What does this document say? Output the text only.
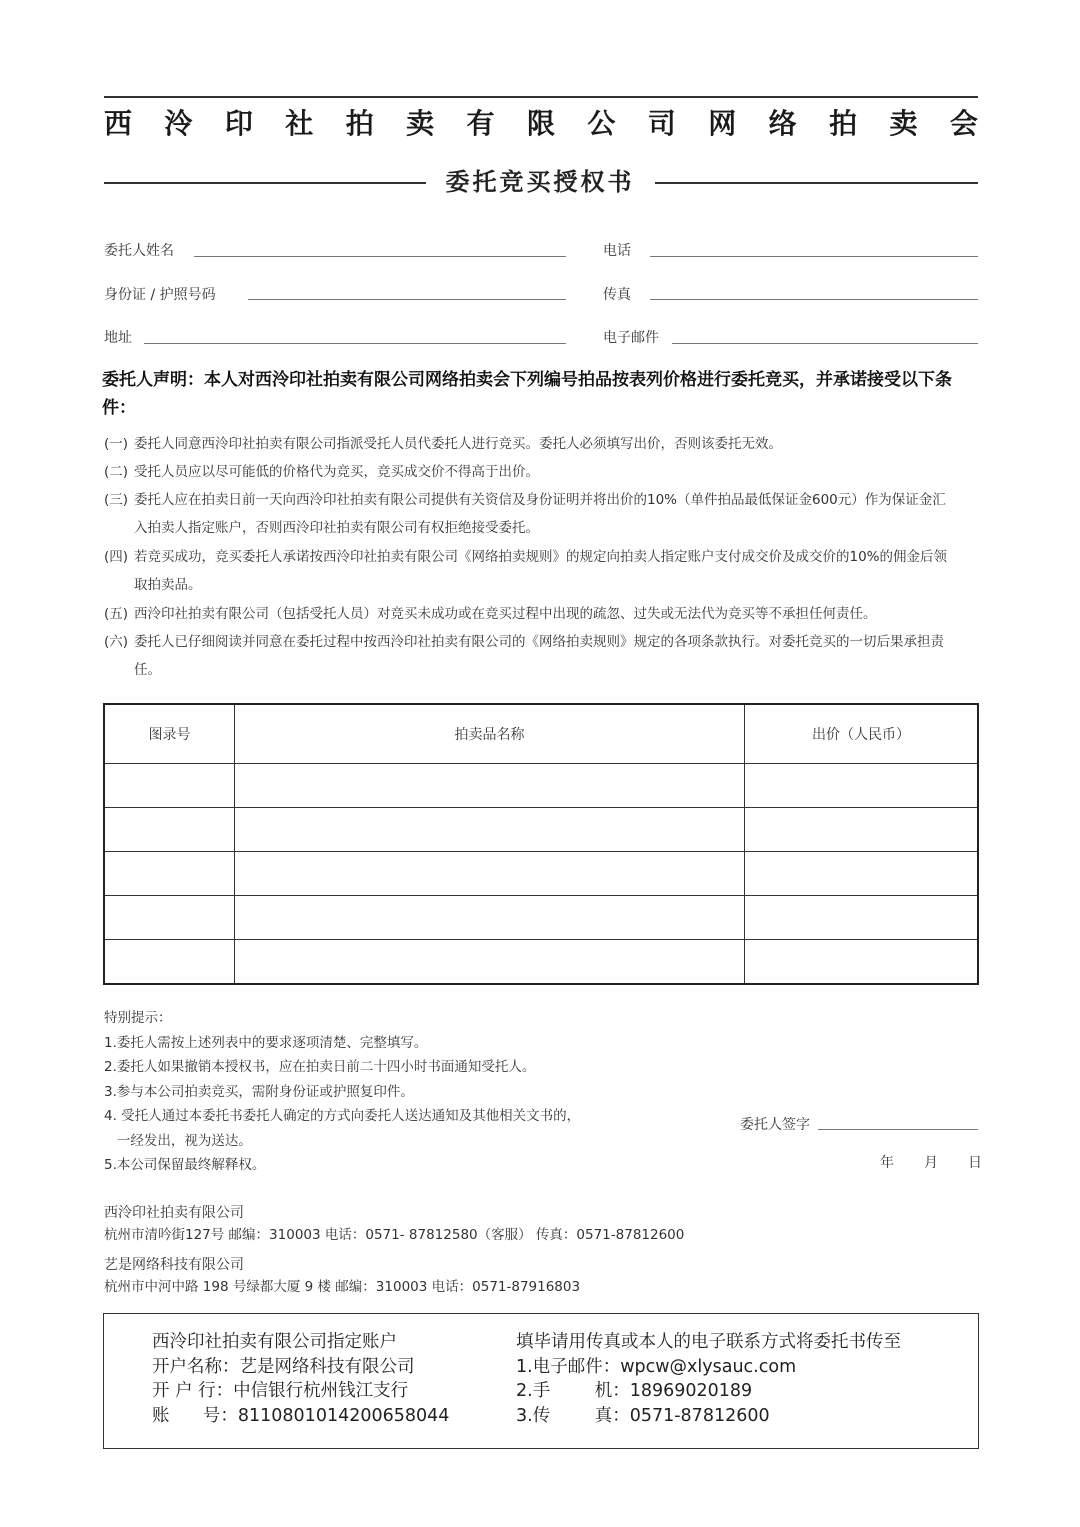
西 泠 印 社 拍 卖 有 限 公 司 网 络 拍 卖 会
委托竞买授权书
委托人姓名	电话
身份证 / 护照号码	传真
地址	电子邮件
委托人声明：本人对西泠印社拍卖有限公司网络拍卖会下列编号拍品按表列价格进行委托竞买，并承诺接受以下条件：
(一) 委托人同意西泠印社拍卖有限公司指派受托人员代委托人进行竞买。委托人必须填写出价，否则该委托无效。
(二) 受托人员应以尽可能低的价格代为竞买，竞买成交价不得高于出价。
(三) 委托人应在拍卖日前一天向西泠印社拍卖有限公司提供有关资信及身份证明并将出价的10%（单件拍品最低保证金600元）作为保证金汇
入拍卖人指定账户，否则西泠印社拍卖有限公司有权拒绝接受委托。
(四) 若竞买成功，竞买委托人承诺按西泠印社拍卖有限公司《网络拍卖规则》的规定向拍卖人指定账户支付成交价及成交价的10%的佣金后领
取拍卖品。
(五) 西泠印社拍卖有限公司（包括受托人员）对竞买未成功或在竞买过程中出现的疏忽、过失或无法代为竞买等不承担任何责任。
(六) 委托人已仔细阅读并同意在委托过程中按西泠印社拍卖有限公司的《网络拍卖规则》规定的各项条款执行。对委托竞买的一切后果承担责
任。
图录号	拍卖品名称	出价（人民币）

特别提示：
1.委托人需按上述列表中的要求逐项清楚、完整填写。
2.委托人如果撤销本授权书，应在拍卖日前二十四小时书面通知受托人。
3.参与本公司拍卖竞买，需附身份证或护照复印件。
4. 受托人通过本委托书委托人确定的方式向委托人送达通知及其他相关文书的，
一经发出，视为送达。
5.本公司保留最终解释权。
委托人签字
年 月 日
西泠印社拍卖有限公司
杭州市清吟街127号 邮编：310003 电话：0571- 87812580（客服） 传真：0571-87812600
艺是网络科技有限公司
杭州市中河中路 198 号绿都大厦 9 楼 邮编：310003 电话：0571-87916803
西泠印社拍卖有限公司指定账户
开户名称：艺是网络科技有限公司
开 户 行：中信银行杭州钱江支行
账      号：8110801014200658044
填毕请用传真或本人的电子联系方式将委托书传至
1.电子邮件：wpcw@xlysauc.com
2.手        机：18969020189
3.传        真：0571-87812600
